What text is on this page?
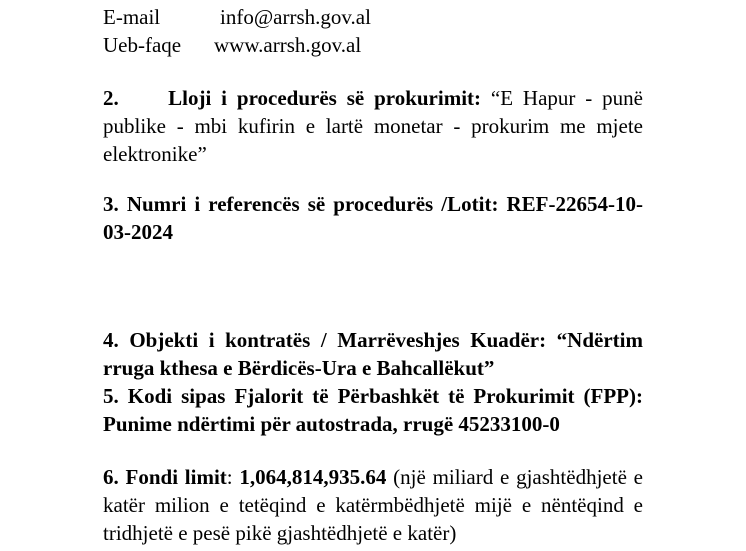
E-mail	info@arrsh.gov.al
Ueb-faqe	www.arrsh.gov.al

2.     Lloji i procedurës së prokurimit: “E Hapur - punë publike - mbi kufirin e lartë monetar - prokurim me mjete elektronike”

3. Numri i referencës së procedurës /Lotit: REF-22654-10-03-2024

4. Objekti i kontratës / Marrëveshjes Kuadër: “Ndërtim rruga kthesa e Bërdicës-Ura e Bahcallëkut”

5. Kodi sipas Fjalorit të Përbashkët të Prokurimit (FPP): Punime ndërtimi për autostrada, rrugë 45233100-0

6. Fondi limit: 1,064,814,935.64 (një miliard e gjashtëdhjetë e katër milion e tetëqind e katërmbëdhjetë mijë e nëntëqind e tridhjetë e pesë pikë gjashtëdhjetë e katër)
